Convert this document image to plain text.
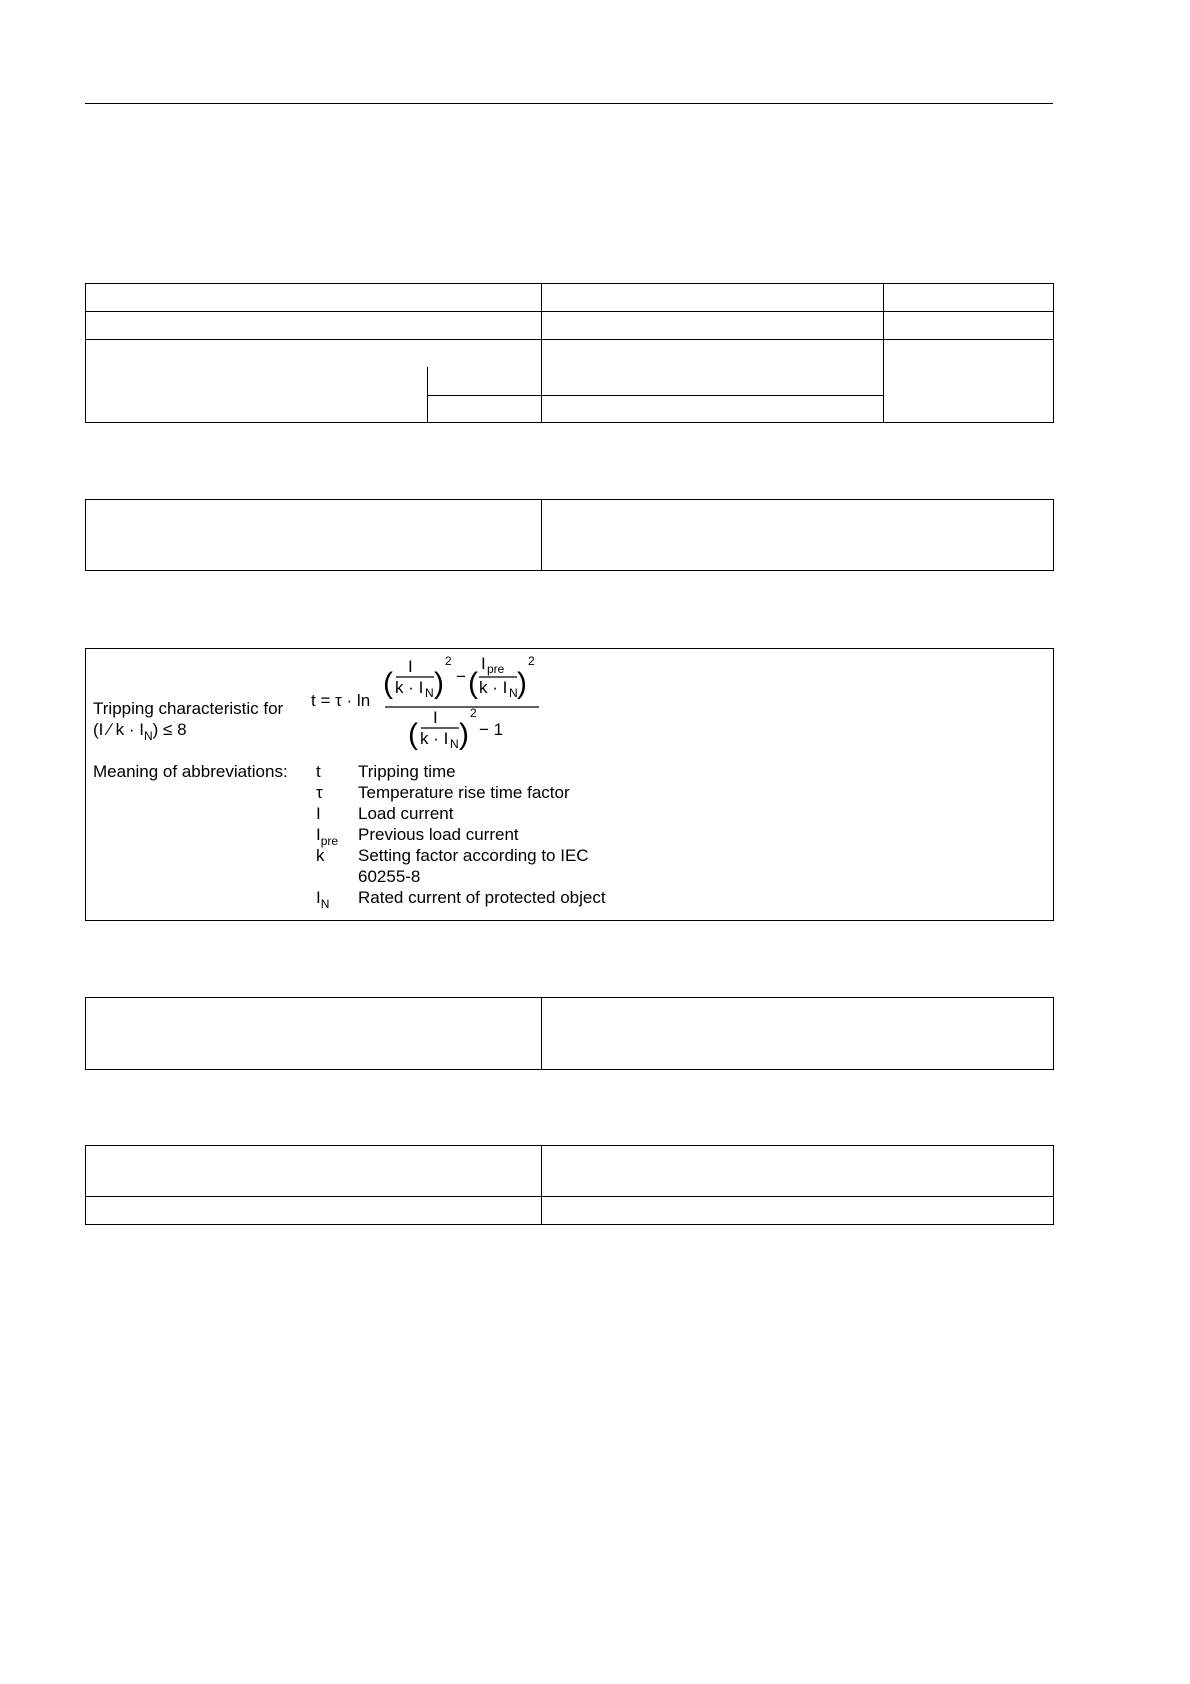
Tripping characteristic for
(I ∕ $k \cdot I_N) \le 8$
t = τ · ln
(
I
k · I N )
2
− (
I pre
k · I N )
2
(
I
k · I N )
2
− 1
Meaning of abbreviations: t Tripping time
τ Temperature rise time factor
I Load current
$I_{pre}$ Previous load current
k Setting factor according to IEC 60255-8
$I_N$ Rated current of protected object
